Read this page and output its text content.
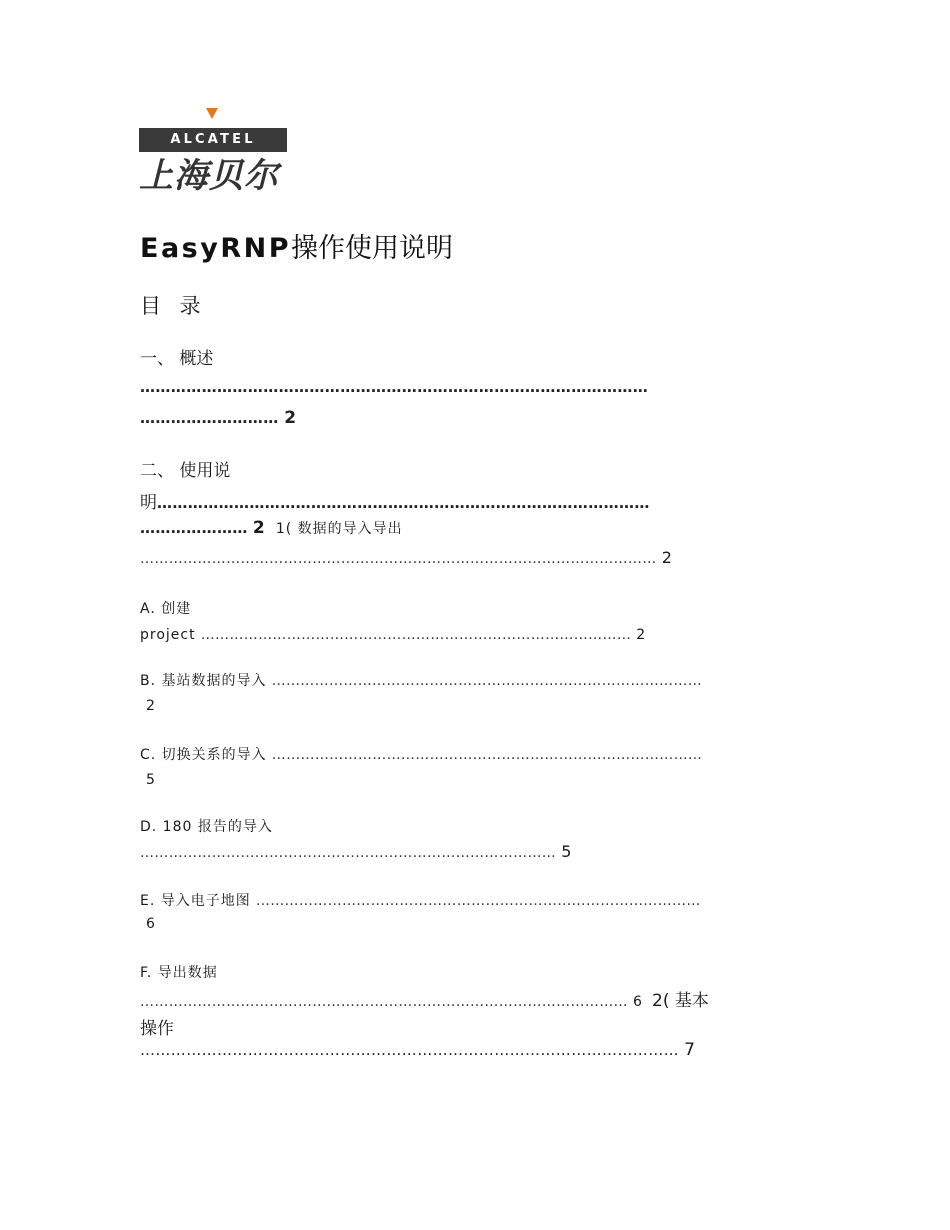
ALCATEL
上海贝尔
EasyRNP操作使用说明
目 录
一、 概述
………………………………………………………………………………………
……………………… 2
二、 使用说
明……………………………………………………………………………………
………………… 2 1( 数据的导入导出
……………………………………………………………………………………………… 2
A. 创建
project ……………………………………………………………………………… 2
B. 基站数据的导入 ………………………………………………………………………………
2
C. 切换关系的导入 ………………………………………………………………………………
5
D. 180 报告的导入
…………………………………………………………………………… 5
E. 导入电子地图 …………………………………………………………………………………
6
F. 导出数据
………………………………………………………………………………………… 6 2( 基本
操作
…………………………………………………………………………………………… 7
